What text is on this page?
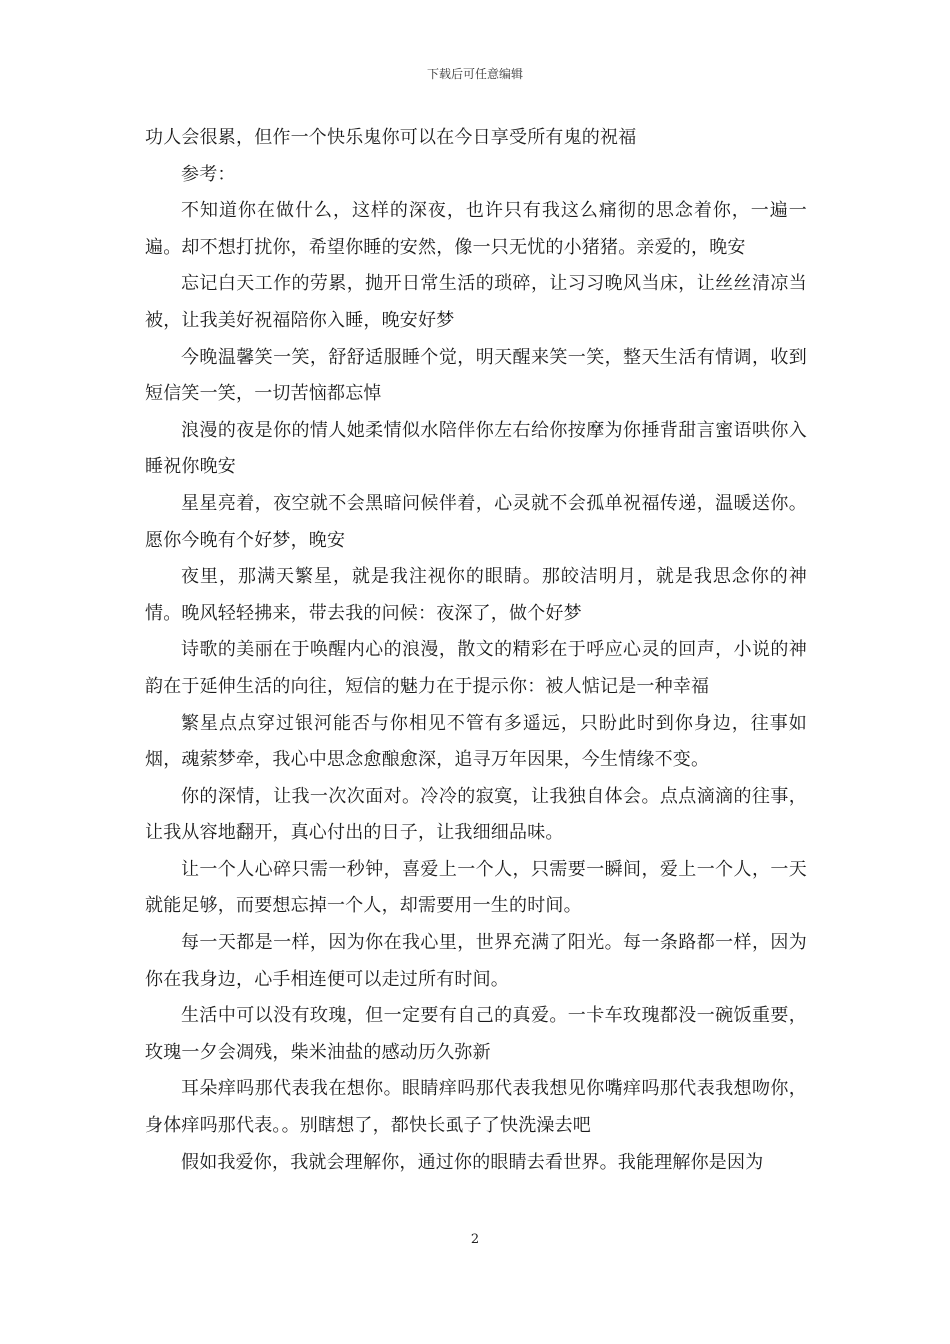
下载后可任意编辑

功人会很累，但作一个快乐鬼你可以在今日享受所有鬼的祝福

参考：

不知道你在做什么，这样的深夜，也许只有我这么痛彻的思念着你，一遍一遍。却不想打扰你，希望你睡的安然，像一只无忧的小猪猪。亲爱的，晚安

忘记白天工作的劳累，抛开日常生活的琐碎，让习习晚风当床，让丝丝清凉当被，让我美好祝福陪你入睡，晚安好梦

今晚温馨笑一笑，舒舒适服睡个觉，明天醒来笑一笑，整天生活有情调，收到短信笑一笑，一切苦恼都忘悼

浪漫的夜是你的情人她柔情似水陪伴你左右给你按摩为你捶背甜言蜜语哄你入睡祝你晚安

星星亮着，夜空就不会黑暗问候伴着，心灵就不会孤单祝福传递，温暖送你。愿你今晚有个好梦，晚安

夜里，那满天繁星，就是我注视你的眼睛。那皎洁明月，就是我思念你的神情。晚风轻轻拂来，带去我的问候：夜深了，做个好梦

诗歌的美丽在于唤醒内心的浪漫，散文的精彩在于呼应心灵的回声，小说的神韵在于延伸生活的向往，短信的魅力在于提示你：被人惦记是一种幸福

繁星点点穿过银河能否与你相见不管有多遥远，只盼此时到你身边，往事如烟，魂萦梦牵，我心中思念愈酿愈深，追寻万年因果，今生情缘不变。

你的深情，让我一次次面对。冷冷的寂寞，让我独自体会。点点滴滴的往事，让我从容地翻开，真心付出的日子，让我细细品味。

让一个人心碎只需一秒钟，喜爱上一个人，只需要一瞬间，爱上一个人，一天就能足够，而要想忘掉一个人，却需要用一生的时间。

每一天都是一样，因为你在我心里，世界充满了阳光。每一条路都一样，因为你在我身边，心手相连便可以走过所有时间。

生活中可以没有玫瑰，但一定要有自己的真爱。一卡车玫瑰都没一碗饭重要，玫瑰一夕会凋残，柴米油盐的感动历久弥新

耳朵痒吗那代表我在想你。眼睛痒吗那代表我想见你嘴痒吗那代表我想吻你，身体痒吗那代表。。别瞎想了，都快长虱子了快洗澡去吧

假如我爱你，我就会理解你，通过你的眼睛去看世界。我能理解你是因为

2
